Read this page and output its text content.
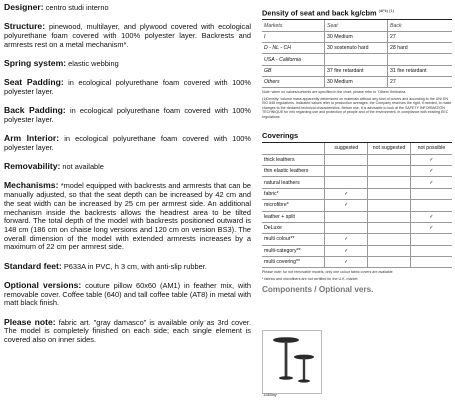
Designer: centro studi interno

Structure: pinewood, multilayer, and plywood covered with ecological polyurethane foam covered with 100% polyester layer. Backrests and armrests rest on a metal mechanism*.

Spring system: elastic webbing

Seat Padding: in ecological polyurethane foam covered with 100% polyester layer.

Back Padding: in ecological polyurethane foam covered with 100% polyester layer.

Arm Interior: in ecological polyurethane foam covered with 100% polyester layer.

Removability: not available

Mechanisms: *model equipped with backrests and armrests that can be manually adjusted, so that the seat depth can be increased by 42 cm and the seat width can be increased by 25 cm per armrest side. An additional mechanism inside the backrests allows the headrest area to be tilted forward. The total depth of the model with backrests positioned outward is 148 cm (186 cm on chaise long versions and 120 cm on version BS3). The overall dimension of the model with extended armrests increases by a maximum of 22 cm per armrest side.

Standard feet: P633A in PVC, h 3 cm, with anti-slip rubber.

Optional versions: couture pillow 60x60 (AM1) in feather mix, with removable cover. Coffee table (640) and tall coffee table (AT8) in metal with matt black finish.

Please note: fabric art. "gray damasco" is available only as 3rd cover. The model is completely finished on each side; each single element is covered also on inner sides.

Density of seat and back kg/cbm $^{(dFk) (1)}$
Markets	Seat	Back
I	30 Medium	27
D - NL - CH	30 sostenuto hard	28 hard
USA - California		
GB	37 fire retardant	31 fire retardant
Others	30 Medium	27
Note: when no values/contents are specified in the chart, please refer to 'Others' field/area.
(1)Density: volume mass apparently determined on materials without any kind of covers and according to the UNI EN ISO 845 regulations. Indicated values refer to production averages, the Company reserves the right, if needed, to make changes to the declared technical characteristics. Before use, it is advisable to look at the SAFETY INFORMATION TECHNIQUE for info regarding use and protection of people and of the environment, in compliance with existing EEC regulations.
Coverings
	suggested	not suggested	not possible
thick leathers			✓
thin elastic leathers			✓
natural leathers			✓
fabric*	✓		
microfibre*	✓		
leather + split			✓
DeLuxe			✓
multi colour**	✓		
multi-category**	✓		
multi covering**	✓		
Please note: for not removable models, only one colour fabric covers are available
* fabrics and microfibers are not certified for the U.K. market
Components / Optional vers.
1188lay
